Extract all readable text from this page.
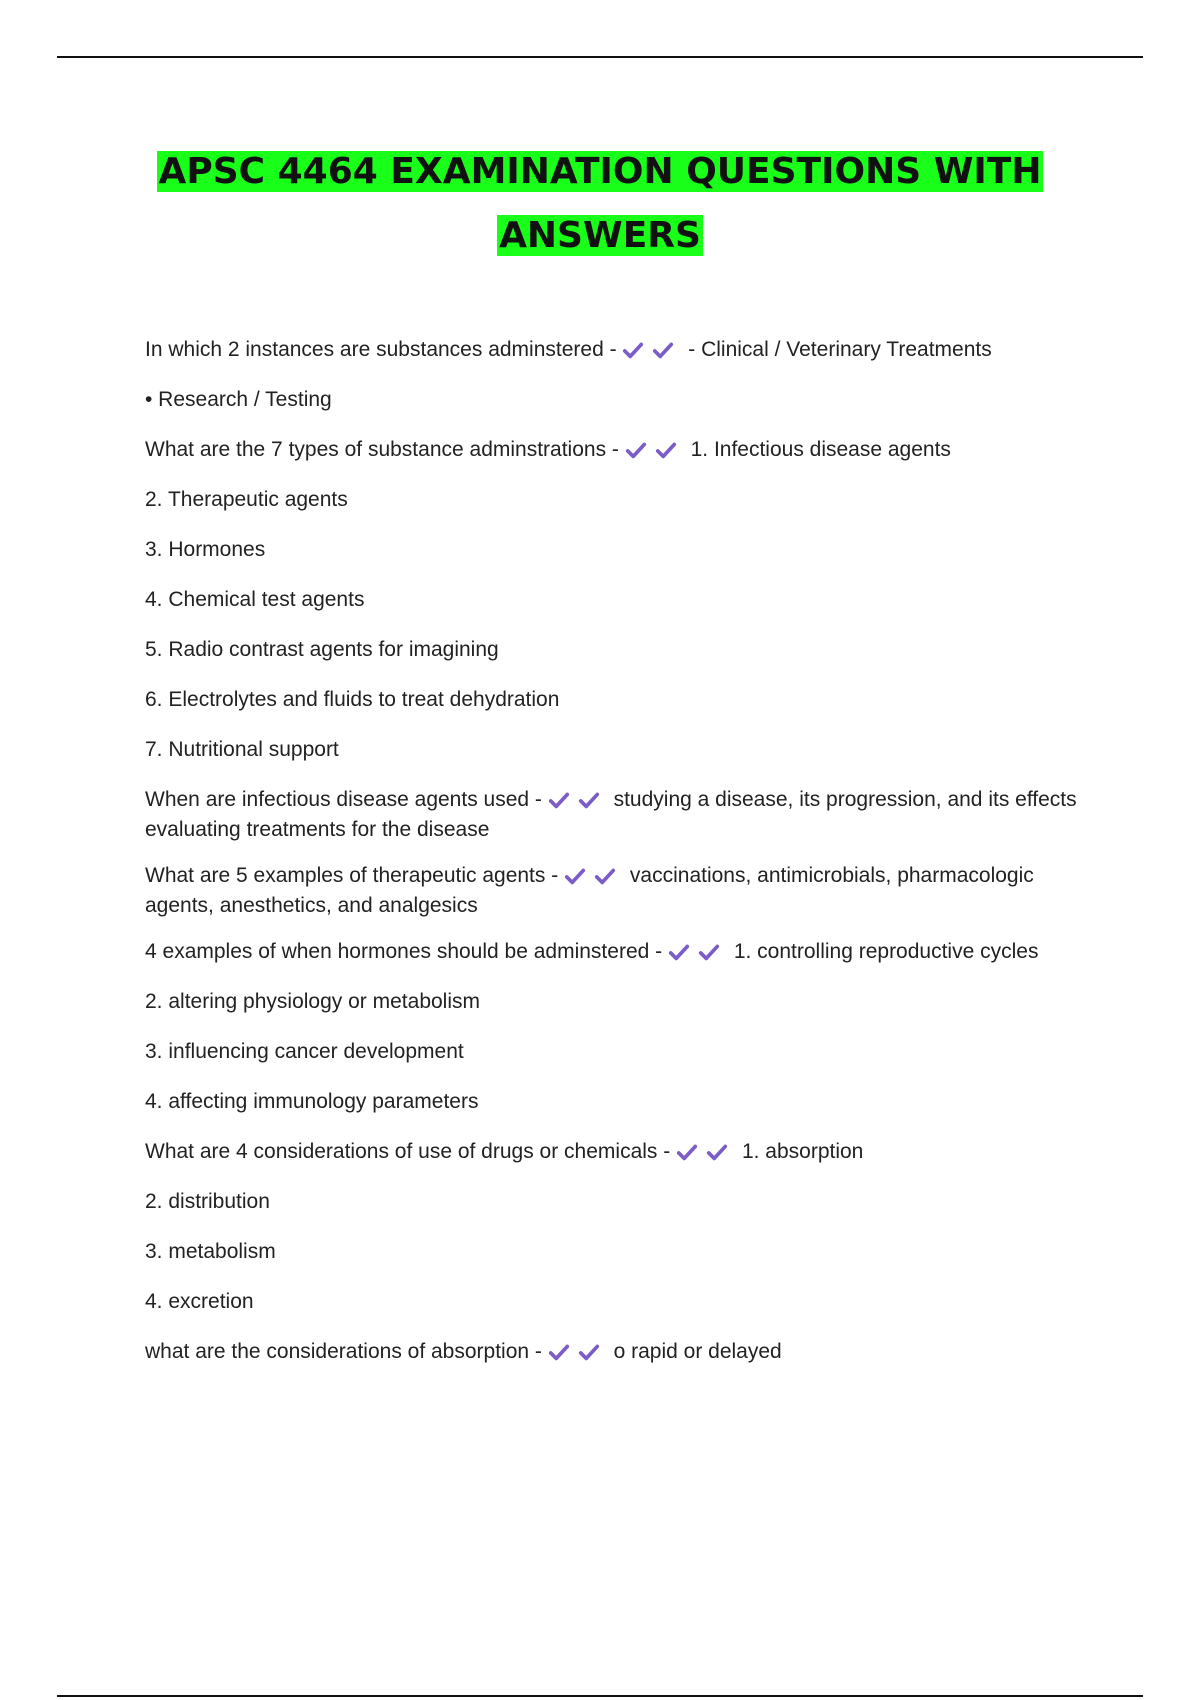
APSC 4464 EXAMINATION QUESTIONS WITH
ANSWERS
In which 2 instances are substances adminstered -	- Clinical / Veterinary Treatments
• Research / Testing
What are the 7 types of substance adminstrations -	1. Infectious disease agents
2. Therapeutic agents
3. Hormones
4. Chemical test agents
5. Radio contrast agents for imagining
6. Electrolytes and fluids to treat dehydration
7. Nutritional support
When are infectious disease agents used -	studying a disease, its progression, and its effects evaluating treatments for the disease
What are 5 examples of therapeutic agents -	vaccinations, antimicrobials, pharmacologic agents, anesthetics, and analgesics
4 examples of when hormones should be adminstered -	1. controlling reproductive cycles
2. altering physiology or metabolism
3. influencing cancer development
4. affecting immunology parameters
What are 4 considerations of use of drugs or chemicals -	1. absorption
2. distribution
3. metabolism
4. excretion
what are the considerations of absorption -	o rapid or delayed
